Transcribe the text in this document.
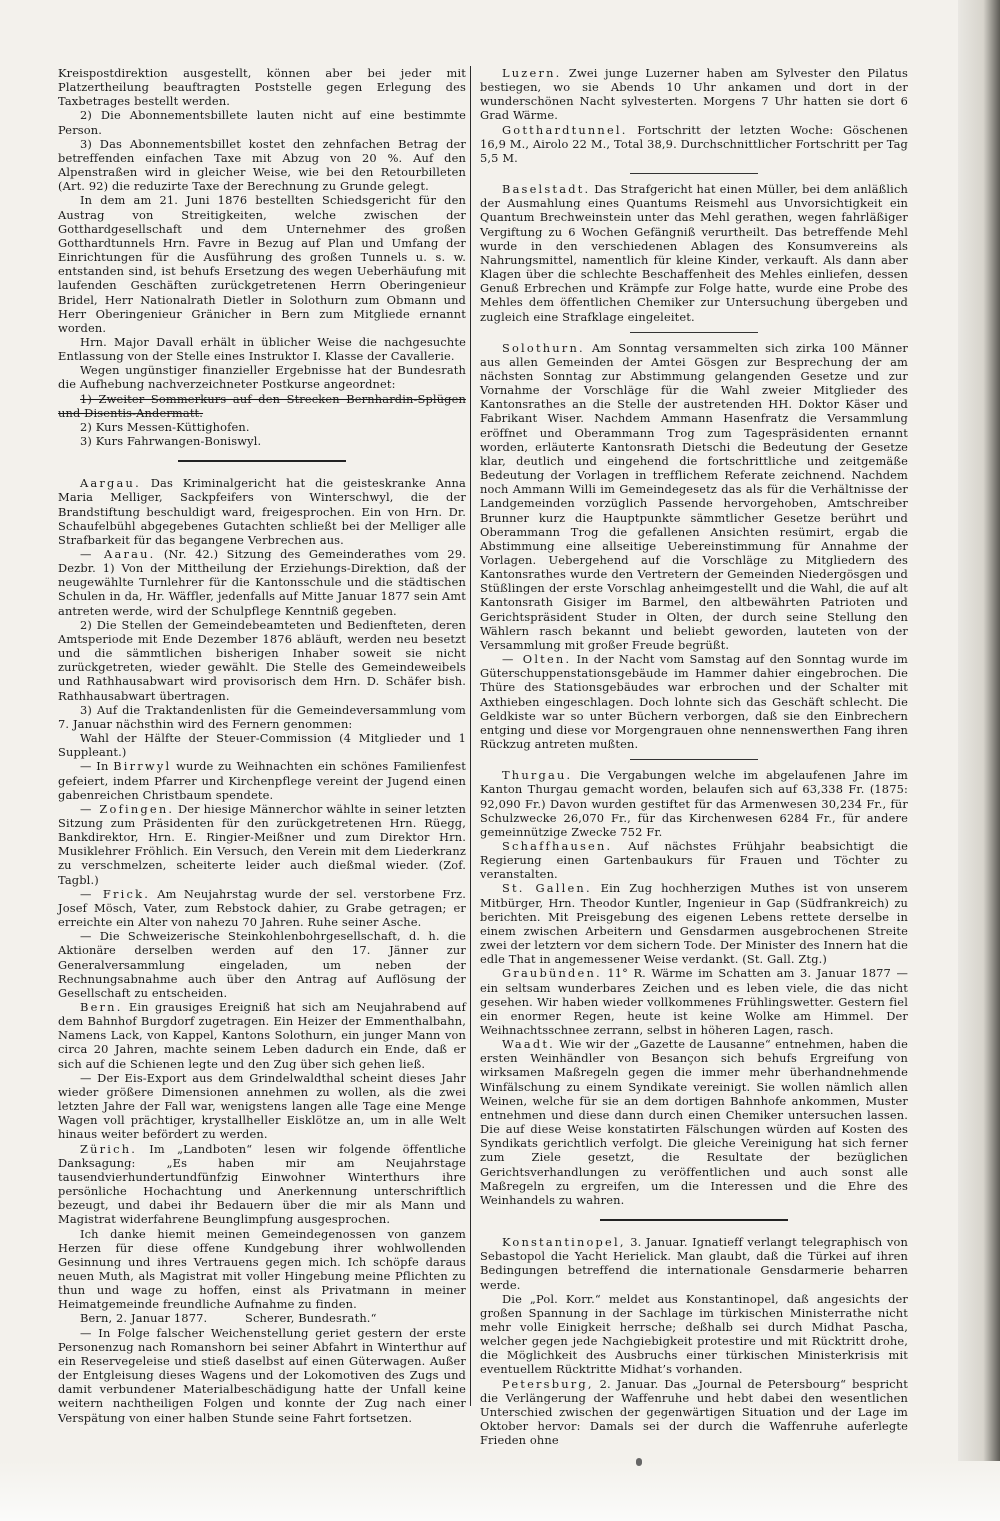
Kreispostdirektion ausgestellt, können aber bei jeder mit Platzertheilung beauftragten Poststelle gegen Erlegung des Taxbetrages bestellt werden.

2) Die Abonnementsbillete lauten nicht auf eine bestimmte Person.

3) Das Abonnementsbillet kostet den zehnfachen Betrag der betreffenden einfachen Taxe mit Abzug von 20 %. Auf den Alpenstraßen wird in gleicher Weise, wie bei den Retourbilleten (Art. 92) die reduzirte Taxe der Berechnung zu Grunde gelegt.

In dem am 21. Juni 1876 bestellten Schiedsgericht für den Austrag von Streitigkeiten, welche zwischen der Gotthardgesellschaft und dem Unternehmer des großen Gotthardtunnels Hrn. Favre in Bezug auf Plan und Umfang der Einrichtungen für die Ausführung des großen Tunnels u. s. w. entstanden sind, ist behufs Ersetzung des wegen Ueberhäufung mit laufenden Geschäften zurückgetretenen Herrn Oberingenieur Bridel, Herr Nationalrath Dietler in Solothurn zum Obmann und Herr Oberingenieur Gränicher in Bern zum Mitgliede ernannt worden.

Hrn. Major Davall erhält in üblicher Weise die nachgesuchte Entlassung von der Stelle eines Instruktor I. Klasse der Cavallerie.

Wegen ungünstiger finanzieller Ergebnisse hat der Bundesrath die Aufhebung nachverzeichneter Postkurse angeordnet:

1) Zweiter Sommerkurs auf den Strecken Bernhardin-Splügen und Disentis-Andermatt.

2) Kurs Messen-Küttighofen.

3) Kurs Fahrwangen-Boniswyl.

Aargau. Das Kriminalgericht hat die geisteskranke Anna Maria Melliger, Sackpfeifers von Winterschwyl, die der Brandstiftung beschuldigt ward, freigesprochen. Ein von Hrn. Dr. Schaufelbühl abgegebenes Gutachten schließt bei der Melliger alle Strafbarkeit für das begangene Verbrechen aus.

— Aarau. (Nr. 42.) Sitzung des Gemeinderathes vom 29. Dezbr. 1) Von der Mittheilung der Erziehungs-Direktion, daß der neugewählte Turnlehrer für die Kantonsschule und die städtischen Schulen in da, Hr. Wäffler, jedenfalls auf Mitte Januar 1877 sein Amt antreten werde, wird der Schulpflege Kenntniß gegeben.

2) Die Stellen der Gemeindebeamteten und Bedienfteten, deren Amtsperiode mit Ende Dezember 1876 abläuft, werden neu besetzt und die sämmtlichen bisherigen Inhaber soweit sie nicht zurückgetreten, wieder gewählt. Die Stelle des Gemeindeweibels und Rathhausabwart wird provisorisch dem Hrn. D. Schäfer bish. Rathhausabwart übertragen.

3) Auf die Traktandenlisten für die Gemeindeversammlung vom 7. Januar nächsthin wird des Fernern genommen:

Wahl der Hälfte der Steuer-Commission (4 Mitglieder und 1 Suppleant.)

— In Birrwyl wurde zu Weihnachten ein schönes Familienfest gefeiert, indem Pfarrer und Kirchenpflege vereint der Jugend einen gabenreichen Christbaum spendete.

— Zofingen. Der hiesige Männerchor wählte in seiner letzten Sitzung zum Präsidenten für den zurückgetretenen Hrn. Rüegg, Bankdirektor, Hrn. E. Ringier-Meißner und zum Direktor Hrn. Musiklehrer Fröhlich. Ein Versuch, den Verein mit dem Liederkranz zu verschmelzen, scheiterte leider auch dießmal wieder. (Zof. Tagbl.)

— Frick. Am Neujahrstag wurde der sel. verstorbene Frz. Josef Mösch, Vater, zum Rebstock dahier, zu Grabe getragen; er erreichte ein Alter von nahezu 70 Jahren. Ruhe seiner Asche.

— Die Schweizerische Steinkohlenbohrgesellschaft, d. h. die Aktionäre derselben werden auf den 17. Jänner zur Generalversammlung eingeladen, um neben der Rechnungsabnahme auch über den Antrag auf Auflösung der Gesellschaft zu entscheiden.

Bern. Ein grausiges Ereigniß hat sich am Neujahrabend auf dem Bahnhof Burgdorf zugetragen. Ein Heizer der Emmenthalbahn, Namens Lack, von Kappel, Kantons Solothurn, ein junger Mann von circa 20 Jahren, machte seinem Leben dadurch ein Ende, daß er sich auf die Schienen legte und den Zug über sich gehen ließ.

— Der Eis-Export aus dem Grindelwaldthal scheint dieses Jahr wieder größere Dimensionen annehmen zu wollen, als die zwei letzten Jahre der Fall war, wenigstens langen alle Tage eine Menge Wagen voll prächtiger, krystallheller Eisklötze an, um in alle Welt hinaus weiter befördert zu werden.

Zürich. Im „Landboten“ lesen wir folgende öffentliche Danksagung: „Es haben mir am Neujahrstage tausendvierhundertundfünfzig Einwohner Winterthurs ihre persönliche Hochachtung und Anerkennung unterschriftlich bezeugt, und dabei ihr Bedauern über die mir als Mann und Magistrat widerfahrene Beunglimpfung ausgesprochen.

Ich danke hiemit meinen Gemeindegenossen von ganzem Herzen für diese offene Kundgebung ihrer wohlwollenden Gesinnung und ihres Vertrauens gegen mich. Ich schöpfe daraus neuen Muth, als Magistrat mit voller Hingebung meine Pflichten zu thun und wage zu hoffen, einst als Privatmann in meiner Heimatgemeinde freundliche Aufnahme zu finden.

Bern, 2. Januar 1877.	Scherer, Bundesrath.“

— In Folge falscher Weichenstellung geriet gestern der erste Personenzug nach Romanshorn bei seiner Abfahrt in Winterthur auf ein Reservegeleise und stieß daselbst auf einen Güterwagen. Außer der Entgleisung dieses Wagens und der Lokomotiven des Zugs und damit verbundener Materialbeschädigung hatte der Unfall keine weitern nachtheiligen Folgen und konnte der Zug nach einer Verspätung von einer halben Stunde seine Fahrt fortsetzen.

Luzern. Zwei junge Luzerner haben am Sylvester den Pilatus bestiegen, wo sie Abends 10 Uhr ankamen und dort in der wunderschönen Nacht sylvesterten. Morgens 7 Uhr hatten sie dort 6 Grad Wärme.

Gotthardtunnel. Fortschritt der letzten Woche: Göschenen 16,9 M., Airolo 22 M., Total 38,9. Durchschnittlicher Fortschritt per Tag 5,5 M.

Baselstadt. Das Strafgericht hat einen Müller, bei dem anläßlich der Ausmahlung eines Quantums Reismehl aus Unvorsichtigkeit ein Quantum Brechweinstein unter das Mehl gerathen, wegen fahrläßiger Vergiftung zu 6 Wochen Gefängniß verurtheilt. Das betreffende Mehl wurde in den verschiedenen Ablagen des Konsumvereins als Nahrungsmittel, namentlich für kleine Kinder, verkauft. Als dann aber Klagen über die schlechte Beschaffenheit des Mehles einliefen, dessen Genuß Erbrechen und Krämpfe zur Folge hatte, wurde eine Probe des Mehles dem öffentlichen Chemiker zur Untersuchung übergeben und zugleich eine Strafklage eingeleitet.

Solothurn. Am Sonntag versammelten sich zirka 100 Männer aus allen Gemeinden der Amtei Gösgen zur Besprechung der am nächsten Sonntag zur Abstimmung gelangenden Gesetze und zur Vornahme der Vorschläge für die Wahl zweier Mitglieder des Kantonsrathes an die Stelle der austretenden HH. Doktor Käser und Fabrikant Wiser. Nachdem Ammann Hasenfratz die Versammlung eröffnet und Oberammann Trog zum Tagespräsidenten ernannt worden, erläuterte Kantonsrath Dietschi die Bedeutung der Gesetze klar, deutlich und eingehend die fortschrittliche und zeitgemäße Bedeutung der Vorlagen in trefflichem Referate zeichnend. Nachdem noch Ammann Willi im Gemeindegesetz das als für die Verhältnisse der Landgemeinden vorzüglich Passende hervorgehoben, Amtschreiber Brunner kurz die Hauptpunkte sämmtlicher Gesetze berührt und Oberammann Trog die gefallenen Ansichten resümirt, ergab die Abstimmung eine allseitige Uebereinstimmung für Annahme der Vorlagen. Uebergehend auf die Vorschläge zu Mitgliedern des Kantonsrathes wurde den Vertretern der Gemeinden Niedergösgen und Stüßlingen der erste Vorschlag anheimgestellt und die Wahl, die auf alt Kantonsrath Gisiger im Barmel, den altbewährten Patrioten und Gerichtspräsident Studer in Olten, der durch seine Stellung den Wählern rasch bekannt und beliebt geworden, lauteten von der Versammlung mit großer Freude begrüßt.

— Olten. In der Nacht vom Samstag auf den Sonntag wurde im Güterschuppenstationsgebäude im Hammer dahier eingebrochen. Die Thüre des Stationsgebäudes war erbrochen und der Schalter mit Axthieben eingeschlagen. Doch lohnte sich das Geschäft schlecht. Die Geldkiste war so unter Büchern verborgen, daß sie den Einbrechern entging und diese vor Morgengrauen ohne nennenswerthen Fang ihren Rückzug antreten mußten.

Thurgau. Die Vergabungen welche im abgelaufenen Jahre im Kanton Thurgau gemacht worden, belaufen sich auf 63,338 Fr. (1875: 92,090 Fr.) Davon wurden gestiftet für das Armenwesen 30,234 Fr., für Schulzwecke 26,070 Fr., für das Kirchenwesen 6284 Fr., für andere gemeinnützige Zwecke 752 Fr.

Schaffhausen. Auf nächstes Frühjahr beabsichtigt die Regierung einen Gartenbaukurs für Frauen und Töchter zu veranstalten.

St. Gallen. Ein Zug hochherzigen Muthes ist von unserem Mitbürger, Hrn. Theodor Kuntler, Ingenieur in Gap (Südfrankreich) zu berichten. Mit Preisgebung des eigenen Lebens rettete derselbe in einem zwischen Arbeitern und Gensdarmen ausgebrochenen Streite zwei der letztern vor dem sichern Tode. Der Minister des Innern hat die edle That in angemessener Weise verdankt. (St. Gall. Ztg.)

Graubünden. 11° R. Wärme im Schatten am 3. Januar 1877 — ein seltsam wunderbares Zeichen und es leben viele, die das nicht gesehen. Wir haben wieder vollkommenes Frühlingswetter. Gestern fiel ein enormer Regen, heute ist keine Wolke am Himmel. Der Weihnachtsschnee zerrann, selbst in höheren Lagen, rasch.

Waadt. Wie wir der „Gazette de Lausanne“ entnehmen, haben die ersten Weinhändler von Besançon sich behufs Ergreifung von wirksamen Maßregeln gegen die immer mehr überhandnehmende Winfälschung zu einem Syndikate vereinigt. Sie wollen nämlich allen Weinen, welche für sie an dem dortigen Bahnhofe ankommen, Muster entnehmen und diese dann durch einen Chemiker untersuchen lassen. Die auf diese Weise konstatirten Fälschungen würden auf Kosten des Syndikats gerichtlich verfolgt. Die gleiche Vereinigung hat sich ferner zum Ziele gesetzt, die Resultate der bezüglichen Gerichtsverhandlungen zu veröffentlichen und auch sonst alle Maßregeln zu ergreifen, um die Interessen und die Ehre des Weinhandels zu wahren.

Konstantinopel, 3. Januar. Ignatieff verlangt telegraphisch von Sebastopol die Yacht Herielick. Man glaubt, daß die Türkei auf ihren Bedingungen betreffend die internationale Gensdarmerie beharren werde.

Die „Pol. Korr.“ meldet aus Konstantinopel, daß angesichts der großen Spannung in der Sachlage im türkischen Ministerrathe nicht mehr volle Einigkeit herrsche; deßhalb sei durch Midhat Pascha, welcher gegen jede Nachgiebigkeit protestire und mit Rücktritt drohe, die Möglichkeit des Ausbruchs einer türkischen Ministerkrisis mit eventuellem Rücktritte Midhat’s vorhanden.

Petersburg, 2. Januar. Das „Journal de Petersbourg“ bespricht die Verlängerung der Waffenruhe und hebt dabei den wesentlichen Unterschied zwischen der gegenwärtigen Situation und der Lage im Oktober hervor: Damals sei der durch die Waffenruhe auferlegte Frieden ohne
